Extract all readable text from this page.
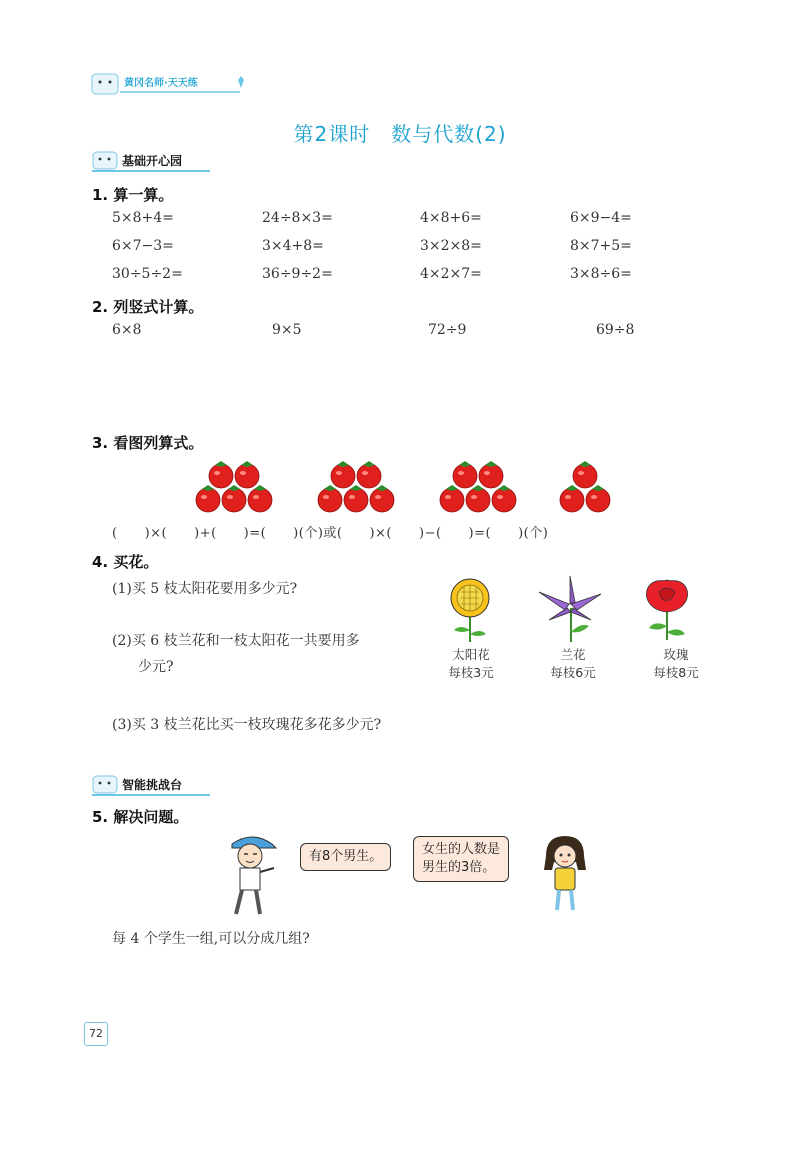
黄冈名师·天天练
第2课时　数与代数(2)
基础开心园
1. 算一算。
5×8+4=	24÷8×3=	4×8+6=	6×9−4=
6×7−3=	3×4+8=	3×2×8=	8×7+5=
30÷5÷2=	36÷9÷2=	4×2×7=	3×8÷6=
2. 列竖式计算。
6×8	9×5	72÷9	69÷8
3. 看图列算式。
(　　)×(　　)+(　　)=(　　)(个)或(　　)×(　　)−(　　)=(　　)(个)
4. 买花。
(1)买 5 枝太阳花要用多少元?
(2)买 6 枝兰花和一枝太阳花一共要用多
少元?
(3)买 3 枝兰花比买一枝玫瑰花多花多少元?
太阳花
每枝3元
兰花
每枝6元
玫瑰
每枝8元
智能挑战台
5. 解决问题。
有8个男生。	女生的人数是
男生的3倍。
每 4 个学生一组,可以分成几组?
72
